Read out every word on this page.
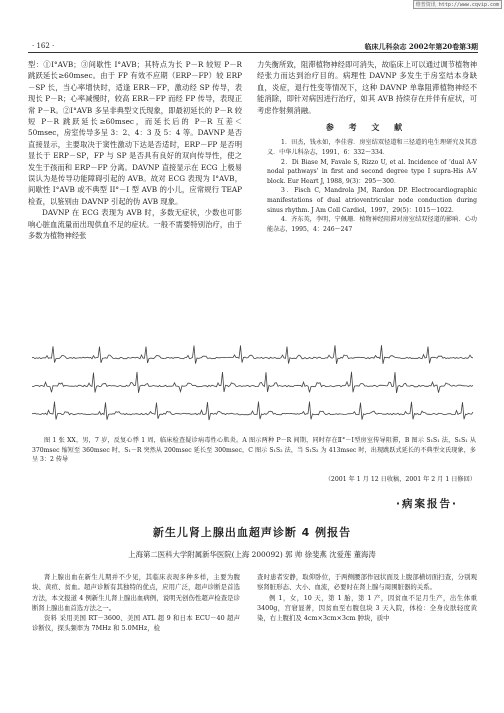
维普资讯 http://www.cqvip.com
· 162 ·	临床儿科杂志 2002年第20卷第3期

型：①I°AVB；③间歇性 I°AVB；其特点为长 P－R 较短 P－R 跳跃延长≥60msec。由于 FP 有效不应期（ERP－FP）较 ERP－SP 长，当心率增快时，适逢 ERR－FP，激动经 SP 传导，表现长 P－R；心率减慢时，较高 ERR－FP 而经 FP 传导，表现正常 P－R。②I°AVB 多呈非典型文氏现象，即最初延长的 P－R 较短 P－R 跳跃延长≥60msec，而延长后的 P－R 互差＜50msec，房室传导多呈 3：2、4：3 及 5：4 等。DAVNP 是否直接显示，主要取决于窦性激动下达是否适时，ERP－FP 是否明显长于 ERP－SP，FP 与 SP 是否具有良好的双向传导性，使之发生于孩而和 ERP－FP 分离。DAVNP 直接显示在 ECG 上极易误认为是传导功能障碍引起的 AVB。故对 ECG 表现为 I°AVB，间歇性 I°AVB 或不典型 II°－I 型 AVB 的小儿，应常规行 TEAP 检查，以鉴别由 DAVNP 引起的伪 AVB 现象。

DAVNP 在 ECG 表现为 AVB 时，多数无症状，少数也可影响心脏血流量而出现供血不足的症状。一般不需要特别治疗，由于多数为植物神经张

力失衡所致，阻滞植物神经即可消失，故临床上可以通过调节植物神经张力而达到治疗目的。病理性 DAVNP 多发生于房室结本身缺血，炎症，退行性变等情况下，这种 DAVNP 单靠阻滞植物神经不能消除，即针对病因进行治疗，如其 AVB 持续存在并伴有症状，可考虑作射频消融。

参 考 文 献

1．田杰，钱永如，李佳蓉．房室结双径道和三径道的电生理研究及其意义．中华儿科杂志，1991，6：332～334．

2．Di Biase M, Favale S, Rizzo U, et al. Incidence of ‘dual A-V nodal pathways’ in first and second degree type I supra-His A-V block. Eur Heart J, 1988, 9(3)：295～300．

3．Fisch C, Mandrola JM, Rardon DP. Electrocardiographic manifestations of dual atrioventricular node conduction during sinus rhythm. J Am Coll Cardiol，1997，29(5)：1015～1022．

4．齐东英，李明，宁佩珊．植物神经阻滞对房室结双径道的影响．心功能杂志，1995，4：246～247

图 1 张 XX，男，7 岁，反复心悸 1 周，临床检查疑诊病毒性心肌炎。A 图示两种 P－R 间期，同时存在Ⅱ°－Ⅰ型房室传导阻滞，B 图示 S₁S₁ 法，S₁S₁ 从 370msec 缩短至 360msec 时，S₁－R 突然从 200msec 延长至 300msec，C 图示 S₁S₂ 法，当 S₁S₂ 为 413msec 时，出现跳跃式延长的不典型文氏现象，多呈 3：2 传导

（2001 年 1 月 12 日收稿，2001 年 2 月 1 日修回）
·病案报告·
新生儿肾上腺出血超声诊断 4 例报告
上海第二医科大学附属新华医院(上海 200092) 郭 帅 徐斐燕 沈爱莲 董海涛

肾上腺出血在新生儿期并不少见，其临床表现多种多样，主要为腹块、黄疸、贫血。超声诊断有其独特的优点，应用广泛，超声诊断是首选方法，本文报道 4 例新生儿肾上腺出血病例，说明无创伤性超声检查是诊断肾上腺出血首选方法之一。

资料 采用美国 RT－3600、美国 ATL 超 9 和日本 ECU－40 超声诊断仪，探头频率为 7MHz 和 5.0MHz，检

查时患者安静，取仰卧位，于两侧腰部作冠状面及上腹部横切面扫查，分别观察肾脏形态、大小、血流，必要时在肾上腺与周围脏器的关系。

例 1，女，10 天，第 1 胎，第 1 产，因贫血不足月生产，出生体重 3400g，宫窘显著，因贫血至右腹包块 3 天入院，体检：全身皮肤轻度黄染，右上腹扪及 4cm×3cm×3cm 肿块，质中
